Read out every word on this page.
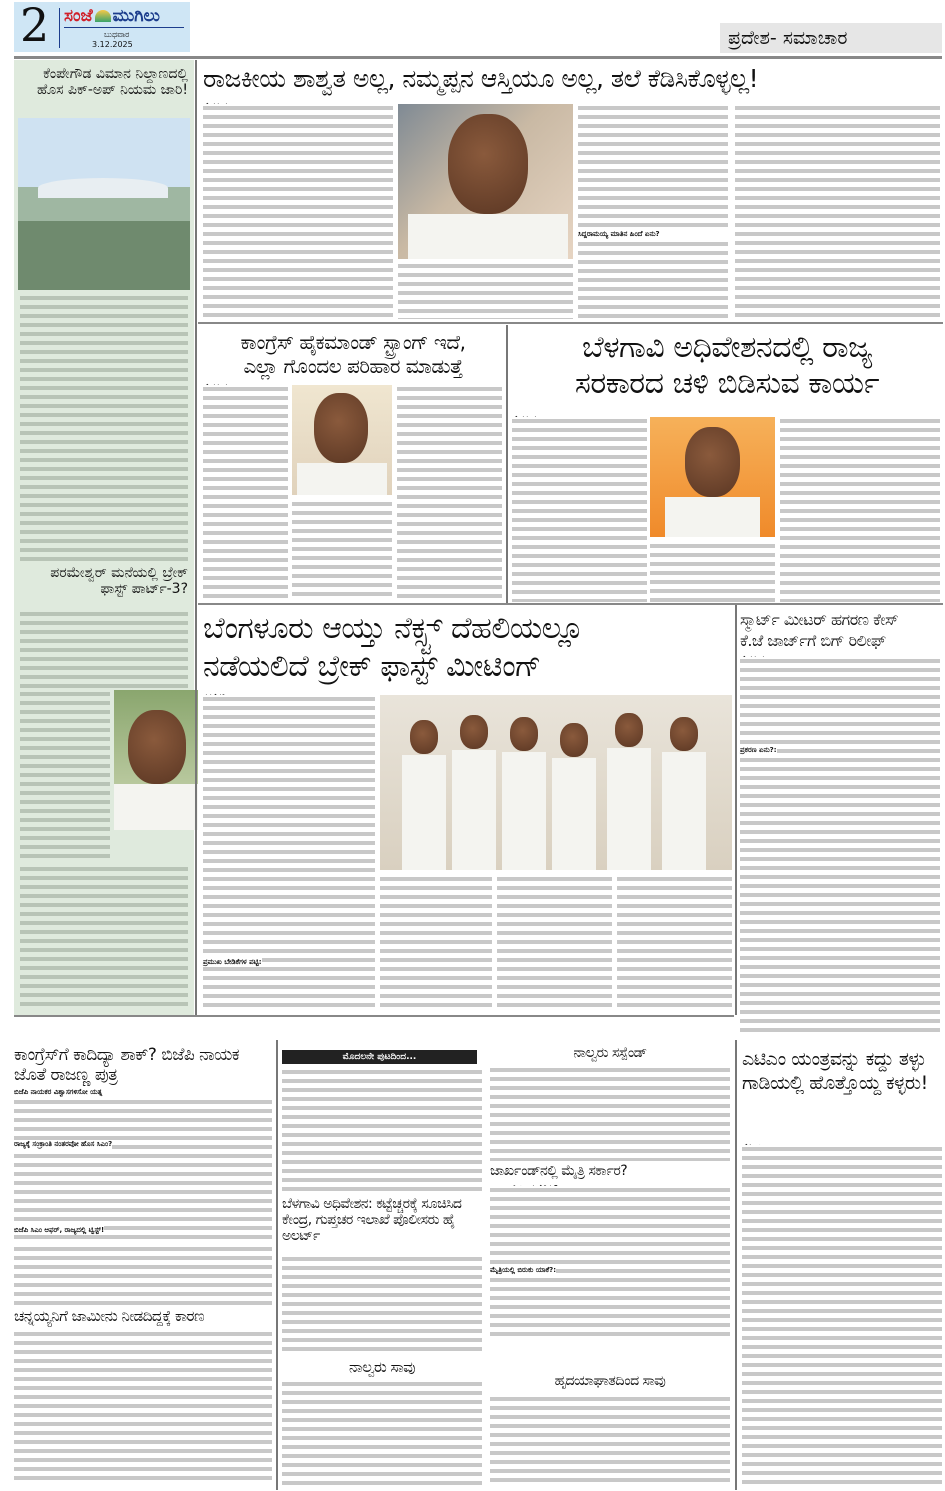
2 ಸಂಜೆ ಮುಗಿಲು
ಬುಧವಾರ
3.12.2025	ಪ್ರದೇಶ- ಸಮಾಚಾರ
ಕೆಂಪೇಗೌಡ ವಿಮಾನ ನಿಲ್ದಾಣದಲ್ಲಿ ಹೊಸ ಪಿಕ್-ಅಪ್ ನಿಯಮ ಜಾರಿ!
ಪರಮೇಶ್ವರ್ ಮನೆಯಲ್ಲಿ ಬ್ರೇಕ್ ಫಾಸ್ಟ್ ಪಾರ್ಟ್-3?
ರಾಜಕೀಯ ಶಾಶ್ವತ ಅಲ್ಲ, ನಮ್ಮಪ್ಪನ ಆಸ್ತಿಯೂ ಅಲ್ಲ, ತಲೆ ಕೆಡಿಸಿಕೊಳ್ಳಲ್ಲ!
ಸಿದ್ದರಾಮಯ್ಯ ಮಾತಿನ ಹಿಂದೆ ಏನು?
ಕಾಂಗ್ರೆಸ್ ಹೈಕಮಾಂಡ್ ಸ್ಟ್ರಾಂಗ್ ಇದೆ,
ಎಲ್ಲಾ ಗೊಂದಲ ಪರಿಹಾರ ಮಾಡುತ್ತೆ
ಬೆಳಗಾವಿ ಅಧಿವೇಶನದಲ್ಲಿ ರಾಜ್ಯ
ಸರಕಾರದ ಚಳಿ ಬಿಡಿಸುವ ಕಾರ್ಯ
ಬೆಂಗಳೂರು ಆಯ್ತು ನೆಕ್ಸ್ಟ್ ದೆಹಲಿಯಲ್ಲೂ
ನಡೆಯಲಿದೆ ಬ್ರೇಕ್ ಫಾಸ್ಟ್ ಮೀಟಿಂಗ್
ಪ್ರಮುಖ ಬೇಡಿಕೆಗಳ ಪಟ್ಟಿ:
ಸ್ಮಾರ್ಟ್ ಮೀಟರ್ ಹಗರಣ ಕೇಸ್
ಕೆ.ಜೆ ಜಾರ್ಜ್‌ಗೆ ಬಿಗ್ ರಿಲೀಫ್
ಪ್ರಕರಣ ಏನು?:
ಕಾಂಗ್ರೆಸ್‌ಗೆ ಕಾದಿದ್ಯಾ ಶಾಕ್? ಬಿಜೆಪಿ ನಾಯಕ
ಜೊತೆ ರಾಜಣ್ಣ ಪುತ್ರ
ಬಿಜೆಪಿ ನಾಯಕರ ವಿಶ್ವಾಸಗಳಿಸೋ ಯತ್ನ
ರಾಜ್ಯಕ್ಕೆ ಸಂಕ್ರಾಂತಿ ನಂತರವೋ ಹೊಸ ಸಿಎಂ?
ಬಿಜೆಪಿ ಸಿಎಂ ಆಫರ್, ರಾಜ್ಯದಲ್ಲಿ ಟ್ವಿಸ್ಟ್!
ಚನ್ನಯ್ಯನಿಗೆ ಜಾಮೀನು ನೀಡದಿದ್ದಕ್ಕೆ ಕಾರಣ
ಮೊದಲನೇ ಪುಟದಿಂದ...
ಬೆಳಗಾವಿ ಅಧಿವೇಶನ: ಕಟ್ಟೆಚ್ಚರಕ್ಕೆ ಸೂಚಿಸಿದ ಕೇಂದ್ರ, ಗುಪ್ತಚರ ಇಲಾಖೆ ಪೊಲೀಸರು ಹೈ ಅಲರ್ಟ್
ನಾಲ್ವರು ಸಾವು
ನಾಲ್ವರು ಸಸ್ಪೆಂಡ್
ಜಾರ್ಖಂಡ್‌ನಲ್ಲಿ ಮೈತ್ರಿ ಸರ್ಕಾರ?
ಮೈತ್ರಿಯಲ್ಲಿ ಬಿರುಕು ಯಾಕೆ?:
ಹೃದಯಾಘಾತದಿಂದ ಸಾವು
ಎಟಿಎಂ ಯಂತ್ರವನ್ನು ಕದ್ದು ತಳ್ಳು ಗಾಡಿಯಲ್ಲಿ ಹೊತ್ತೊಯ್ದ ಕಳ್ಳರು!
